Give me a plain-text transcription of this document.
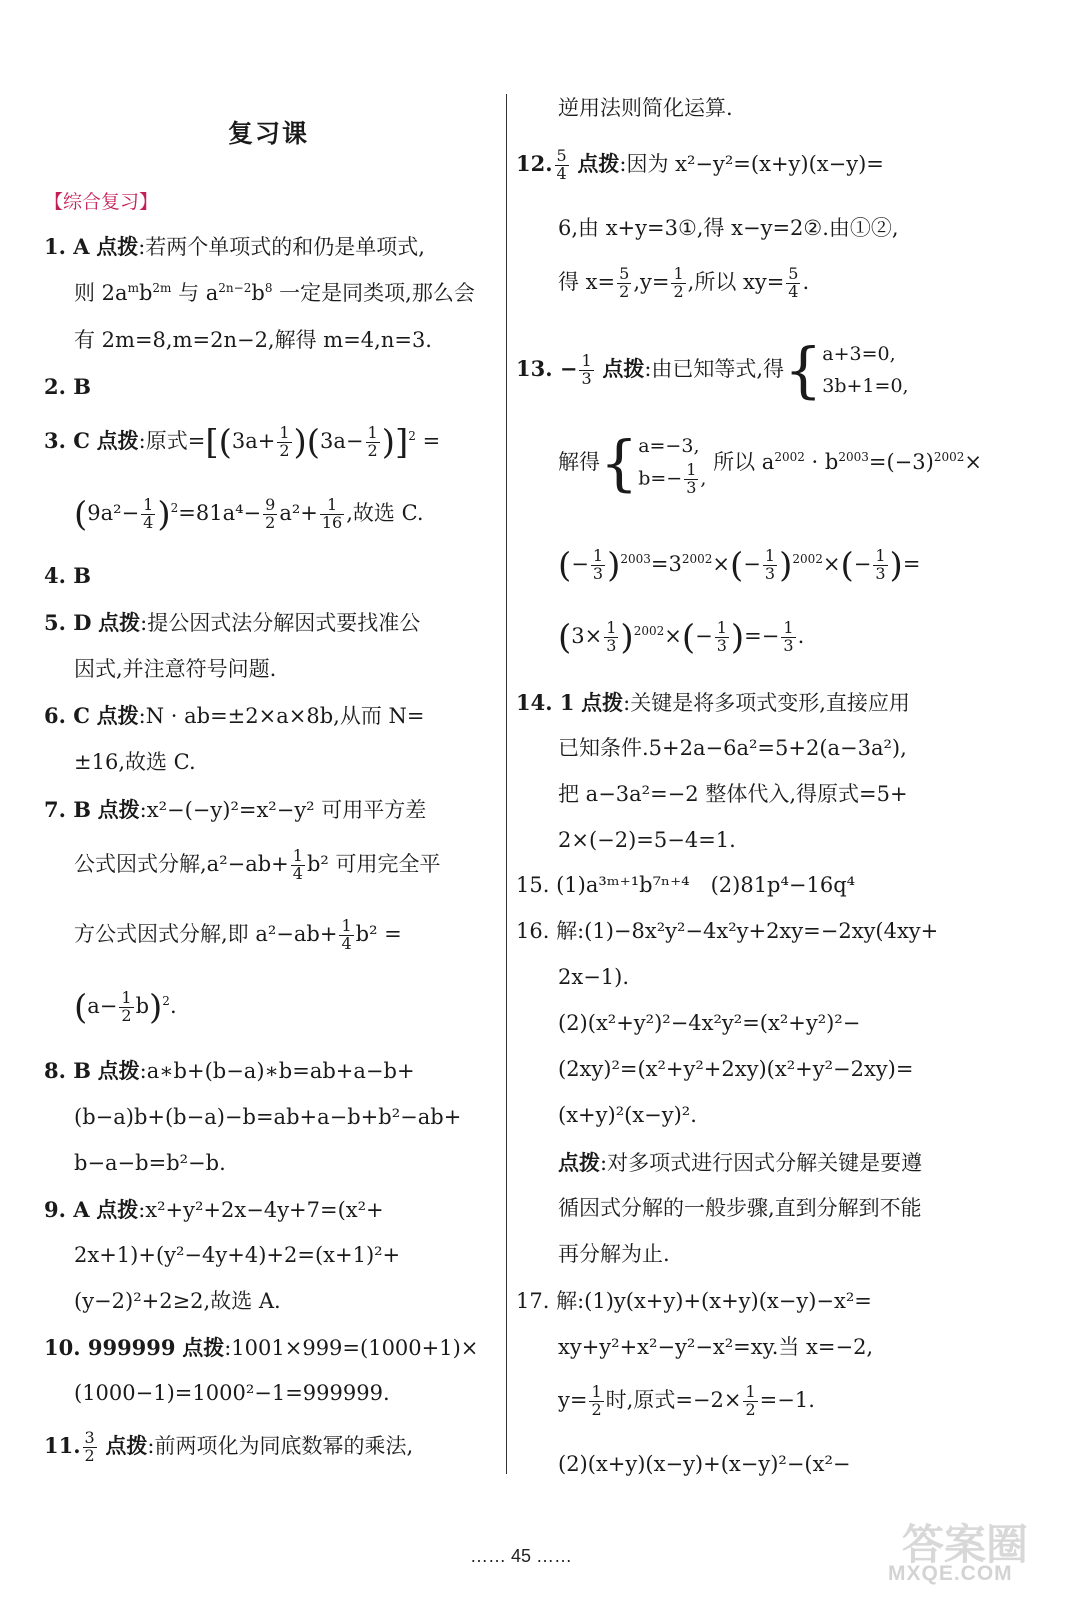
复习课
【综合复习】
1. A 点拨:若两个单项式的和仍是单项式,
则 $2a^mb^{2m}$ 与 $a^{2n-2}b^8$ 一定是同类项,那么会
有 2m=8,m=2n−2,解得 m=4,n=3.
2. B
3. C 点拨:原式$=[(3a+ \frac{1}{2} )(3a- \frac{1}{2} )]^2$ =
$(9a^2- \frac{1}{4} )^2=81a^4- \frac{9}{2} a^2+ \frac{1}{16}$ ,故选 C.
4. B
5. D 点拨:提公因式法分解因式要找准公
因式,并注意符号问题.
6. C 点拨:N · ab=±2×a×8b,从而 N=
±16,故选 C.
7. B 点拨:x²−(−y)²=x²−y² 可用平方差
公式因式分解$,a^2-ab+ \frac{1}{4} b^2$ 可用完全平
方公式因式分解,即 $a^2-ab+ \frac{1}{4} b^2$ =
$(a- \frac{1}{2} b)^2$.
8. B 点拨:a∗b+(b−a)∗b=ab+a−b+
(b−a)b+(b−a)−b=ab+a−b+b²−ab+
b−a−b=b²−b.
9. A 点拨:x²+y²+2x−4y+7=(x²+
2x+1)+(y²−4y+4)+2=(x+1)²+
(y−2)²+2≥2,故选 A.
10. 999999 点拨:1001×999=(1000+1)×
(1000−1)=1000²−1=999999.
11. $\frac{3}{2}$ 点拨:前两项化为同底数幂的乘法,
逆用法则简化运算.
12. $\frac{5}{4}$ 点拨:因为 x²−y²=(x+y)(x−y)=
6,由 x+y=3①,得 x−y=2②.由①②,
得 $x= \frac{5}{2} ,y= \frac{1}{2}$ ,所以 $xy= \frac{5}{4}$ .
13. − $\frac{1}{3}$ 点拨:由已知等式,得{a+3=0,
3b+1=0,
解得{a=−3,
$b=- \frac{1}{3}$ , 所以 $a^{2002} \cdot b^{2003}=(-3)^{2002}\times$
(− $\frac{1}{3} )^{2003}=3^{2002}\times(- \frac{1}{3} )^{2002}\times(- \frac{1}{3}$ )=
$(3\times \frac{1}{3} )^{2002}\times(- \frac{1}{3}$ )=− $\frac{1}{3}$ .
14. 1 点拨:关键是将多项式变形,直接应用
已知条件.5+2a−6a²=5+2(a−3a²),
把 a−3a²=−2 整体代入,得原式=5+
2×(−2)=5−4=1.
15. (1)a³ᵐ⁺¹b⁷ⁿ⁺⁴　(2)81p⁴−16q⁴
16. 解:(1)−8x²y²−4x²y+2xy=−2xy(4xy+
2x−1).
(2)(x²+y²)²−4x²y²=(x²+y²)²−
(2xy)²=(x²+y²+2xy)(x²+y²−2xy)=
(x+y)²(x−y)².
点拨:对多项式进行因式分解关键是要遵
循因式分解的一般步骤,直到分解到不能
再分解为止.
17. 解:(1)y(x+y)+(x+y)(x−y)−x²=
xy+y²+x²−y²−x²=xy.当 x=−2,
$y= \frac{1}{2}$ 时,原式$=-2\times \frac{1}{2} =-1$.
(2)(x+y)(x−y)+(x−y)²−(x²−
…… 45 ……	答案圈
MXQE.COM
